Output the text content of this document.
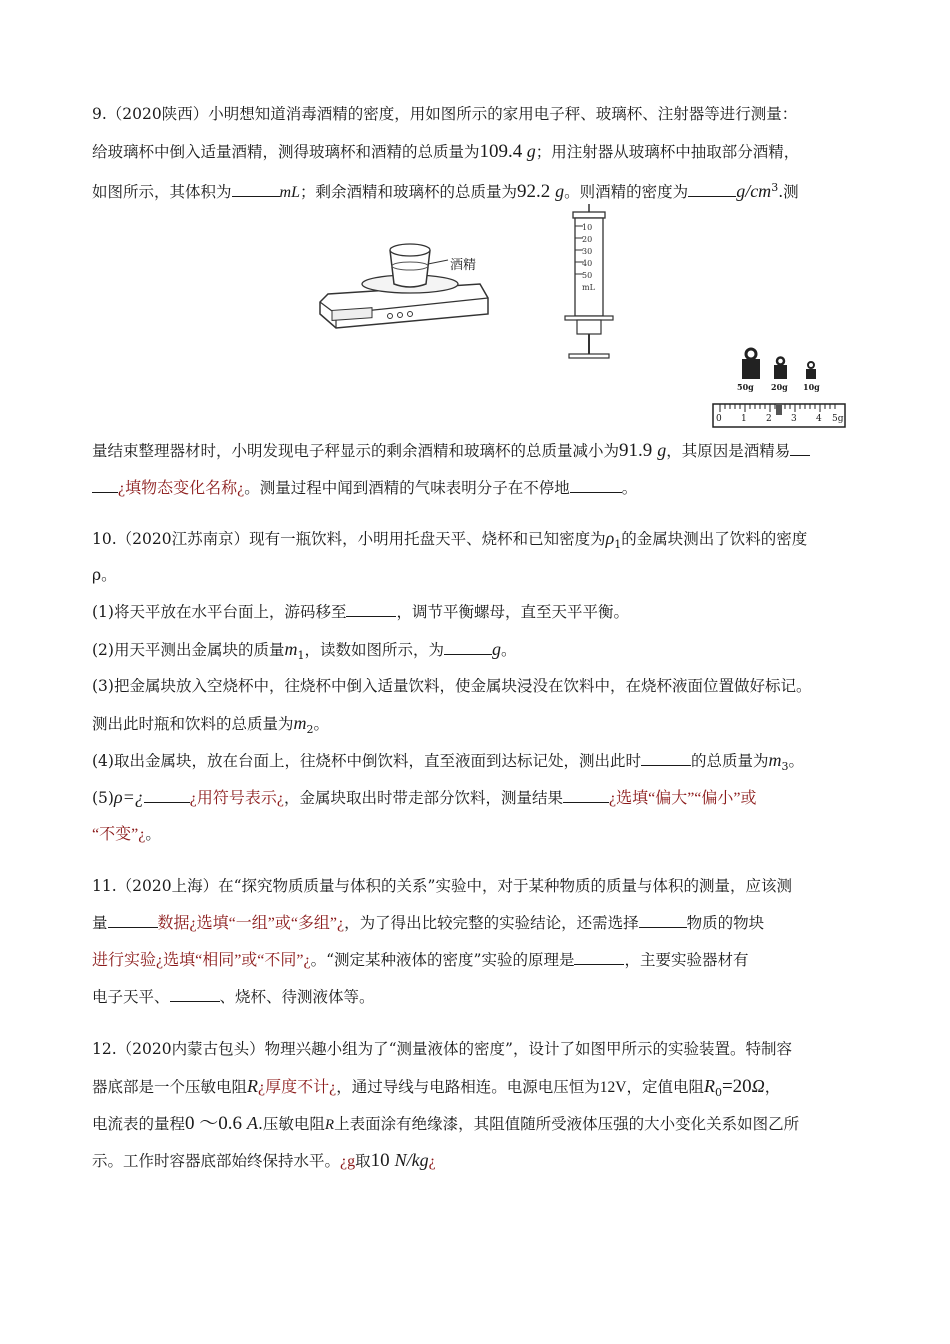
9.（2020陕西）小明想知道消毒酒精的密度，用如图所示的家用电子秤、玻璃杯、注射器等进行测量：
给玻璃杯中倒入适量酒精，测得玻璃杯和酒精的总质量为109.4 g；用注射器从玻璃杯中抽取部分酒精，
如图所示，其体积为	mL；剩余酒精和玻璃杯的总质量为92.2 g。则酒精的密度为	$g/cm^3$.测
酒精
10
20
30
40
50
mL
50g 20g 10g
0 1 2 3 4 5g
量结束整理器材时，小明发现电子秤显示的剩余酒精和玻璃杯的总质量减小为91.9 g，其原因是酒精易
¿填物态变化名称¿。测量过程中闻到酒精的气味表明分子在不停地	。
10.（2020江苏南京）现有一瓶饮料，小明用托盘天平、烧杯和已知密度为$\rho_1$的金属块测出了饮料的密度
ρ。
(1)将天平放在水平台面上，游码移至	，调节平衡螺母，直至天平平衡。
(2)用天平测出金属块的质量$m_1$，读数如图所示，为	g。
(3)把金属块放入空烧杯中，往烧杯中倒入适量饮料，使金属块浸没在饮料中，在烧杯液面位置做好标记。
测出此时瓶和饮料的总质量为$m_2$。
(4)取出金属块，放在台面上，往烧杯中倒饮料，直至液面到达标记处，测出此时	的总质量为$m_3$。
(5)ρ=¿	¿用符号表示¿，金属块取出时带走部分饮料，测量结果	¿选填“偏大”“偏小”或
“不变”¿。
11.（2020上海）在“探究物质质量与体积的关系”实验中，对于某种物质的质量与体积的测量，应该测
量	数据¿选填“一组”或“多组”¿，为了得出比较完整的实验结论，还需选择	物质的物块
进行实验¿选填“相同”或“不同”¿。“测定某种液体的密度”实验的原理是	，主要实验器材有
电子天平、	、烧杯、待测液体等。
12.（2020内蒙古包头）物理兴趣小组为了“测量液体的密度”，设计了如图甲所示的实验装置。特制容
器底部是一个压敏电阻R¿厚度不计¿，通过导线与电路相连。电源电压恒为12V，定值电阻$R_0=20\Omega$，
电流表的量程0 ～0.6 A.压敏电阻R上表面涂有绝缘漆，其阻值随所受液体压强的大小变化关系如图乙所
示。工作时容器底部始终保持水平。¿g取10 N/kg¿
